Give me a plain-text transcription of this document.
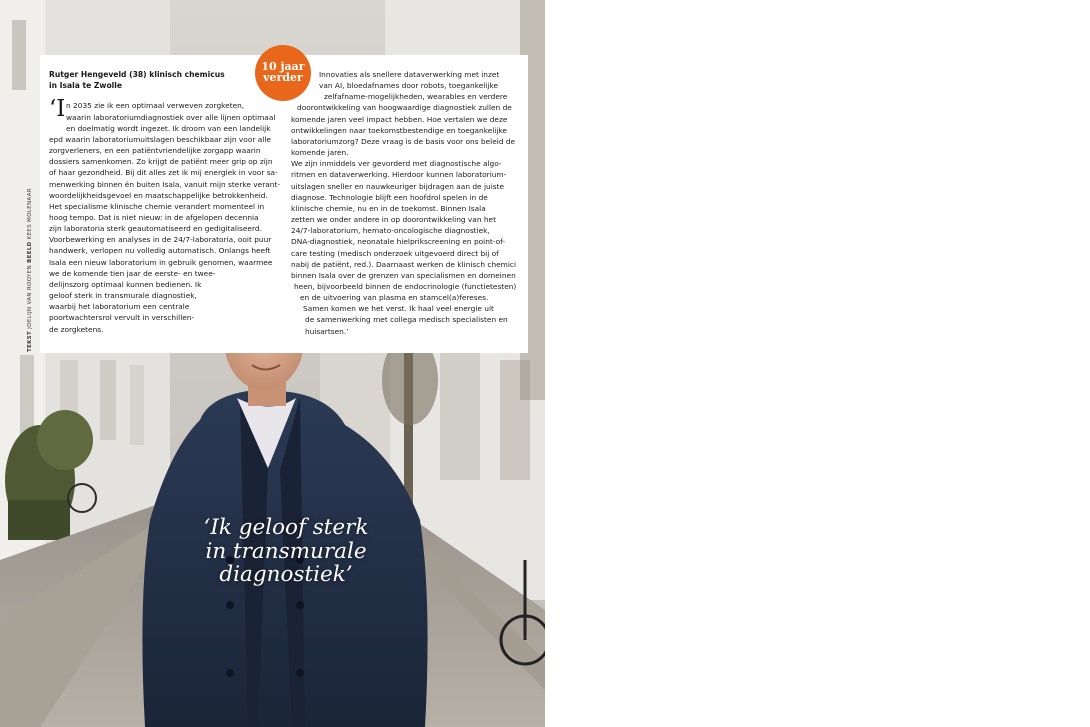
Rutger Hengeveld (38) klinisch chemicus
in Isala te Zwolle

‘I n 2035 zie ik een optimaal verweven zorgketen,

waarin laboratoriumdiagnostiek over alle lijnen optimaal

en doelmatig wordt ingezet. Ik droom van een landelijk

epd waarin laboratoriumuitslagen beschikbaar zijn voor alle

zorgverleners, en een patiëntvriendelijke zorgapp waarin

dossiers samenkomen. Zo krijgt de patiënt meer grip op zijn

of haar gezondheid. Bij dit alles zet ik mij energiek in voor sa-

menwerking binnen én buiten Isala, vanuit mijn sterke verant-

woordelijkheidsgevoel en maatschappelijke betrokkenheid.

Het specialisme klinische chemie verandert momenteel in

hoog tempo. Dat is niet nieuw: in de afgelopen decennia

zijn laboratoria sterk geautomatiseerd en gedigitaliseerd.

Voorbewerking en analyses in de 24/7-laboratoria, ooit puur

handwerk, verlopen nu volledig automatisch. Onlangs heeft

Isala een nieuw laboratorium in gebruik genomen, waarmee

we de komende tien jaar de eerste- en twee-

delijnszorg optimaal kunnen bedienen. Ik

geloof sterk in transmurale diagnostiek,

waarbij het laboratorium een centrale

poortwachtersrol vervult in verschillen-

de zorgketens.

Innovaties als snellere dataverwerking met inzet

van AI, bloedafnames door robots, toegankelijke

zelfafname-mogelijkheden, wearables en verdere

doorontwikkeling van hoogwaardige diagnostiek zullen de

komende jaren veel impact hebben. Hoe vertalen we deze

ontwikkelingen naar toekomstbestendige en toegankelijke

laboratoriumzorg? Deze vraag is de basis voor ons beleid de

komende jaren.

We zijn inmiddels ver gevorderd met diagnostische algo-

ritmen en dataverwerking. Hierdoor kunnen laboratorium-

uitslagen sneller en nauwkeuriger bijdragen aan de juiste

diagnose. Technologie blijft een hoofdrol spelen in de

klinische chemie, nu en in de toekomst. Binnen Isala

zetten we onder andere in op doorontwikkeling van het

24/7-laboratorium, hemato-oncologische diagnostiek,

DNA-diagnostiek, neonatale hielprikscreening en point-of-

care testing (medisch onderzoek uitgevoerd direct bij of

nabij de patiënt, red.). Daarnaast werken de klinisch chemici

binnen Isala over de grenzen van specialismen en domeinen

heen, bijvoorbeeld binnen de endocrinologie (functietesten)

en de uitvoering van plasma en stamcel(a)fereses.

Samen komen we het verst. Ik haal veel energie uit

de samenwerking met collega medisch specialisten en

huisartsen.’

10 jaar
verder
TEKST JOELIJN VAN ROOYEN BEELD KEES MOLENAAR
‘Ik geloof sterk
in transmurale
diagnostiek’
